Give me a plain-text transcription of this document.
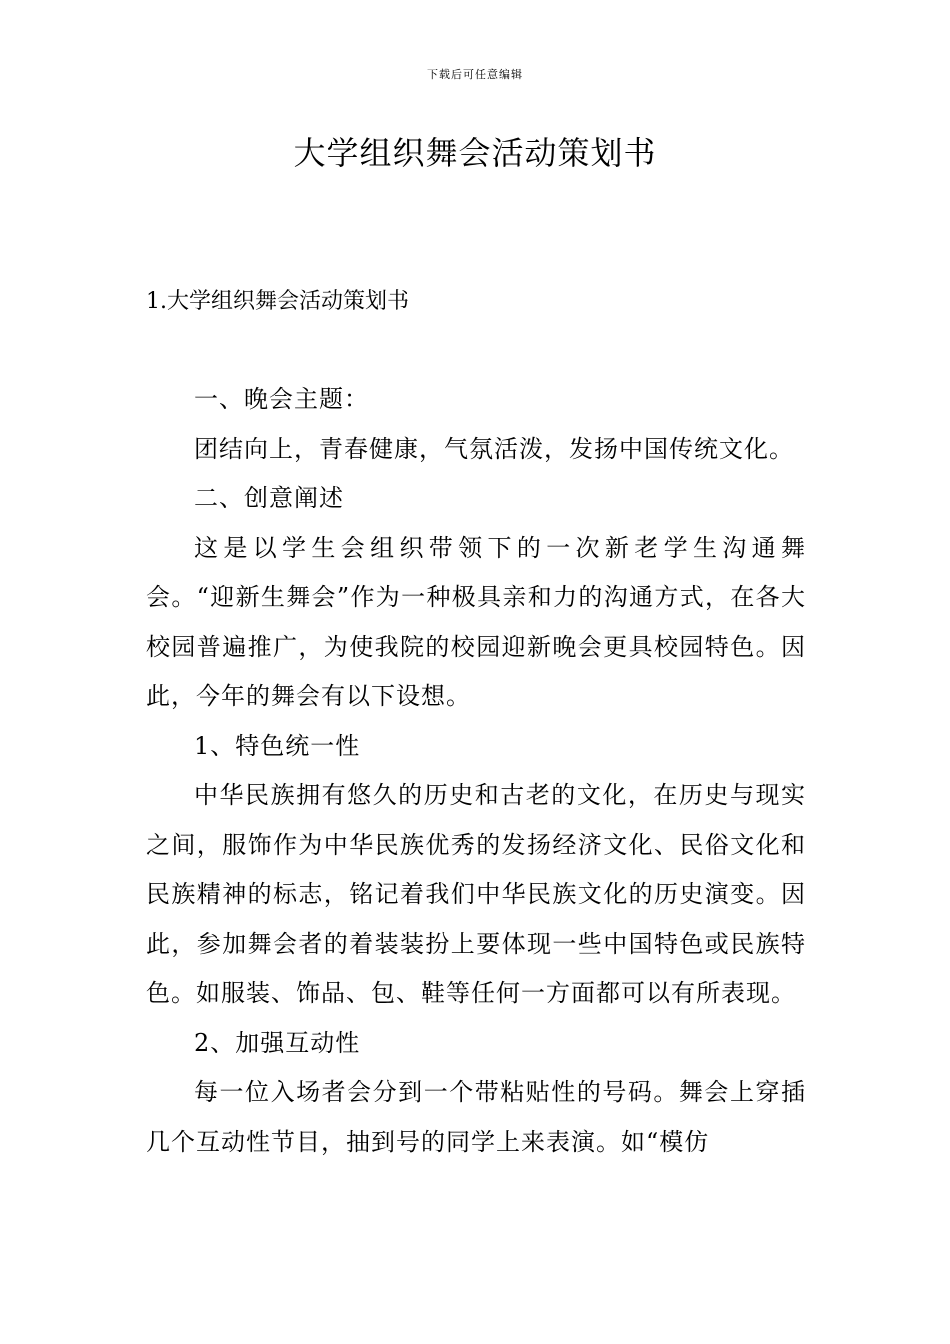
下载后可任意编辑
大学组织舞会活动策划书
1.大学组织舞会活动策划书

一、晚会主题：

团结向上，青春健康，气氛活泼，发扬中国传统文化。

二、创意阐述

这是以学生会组织带领下的一次新老学生沟通舞会。“迎新生舞会”作为一种极具亲和力的沟通方式，在各大校园普遍推广，为使我院的校园迎新晚会更具校园特色。因此，今年的舞会有以下设想。

1、特色统一性

中华民族拥有悠久的历史和古老的文化，在历史与现实之间，服饰作为中华民族优秀的发扬经济文化、民俗文化和民族精神的标志，铭记着我们中华民族文化的历史演变。因此，参加舞会者的着装装扮上要体现一些中国特色或民族特色。如服装、饰品、包、鞋等任何一方面都可以有所表现。

2、加强互动性

每一位入场者会分到一个带粘贴性的号码。舞会上穿插几个互动性节目，抽到号的同学上来表演。如“模仿
